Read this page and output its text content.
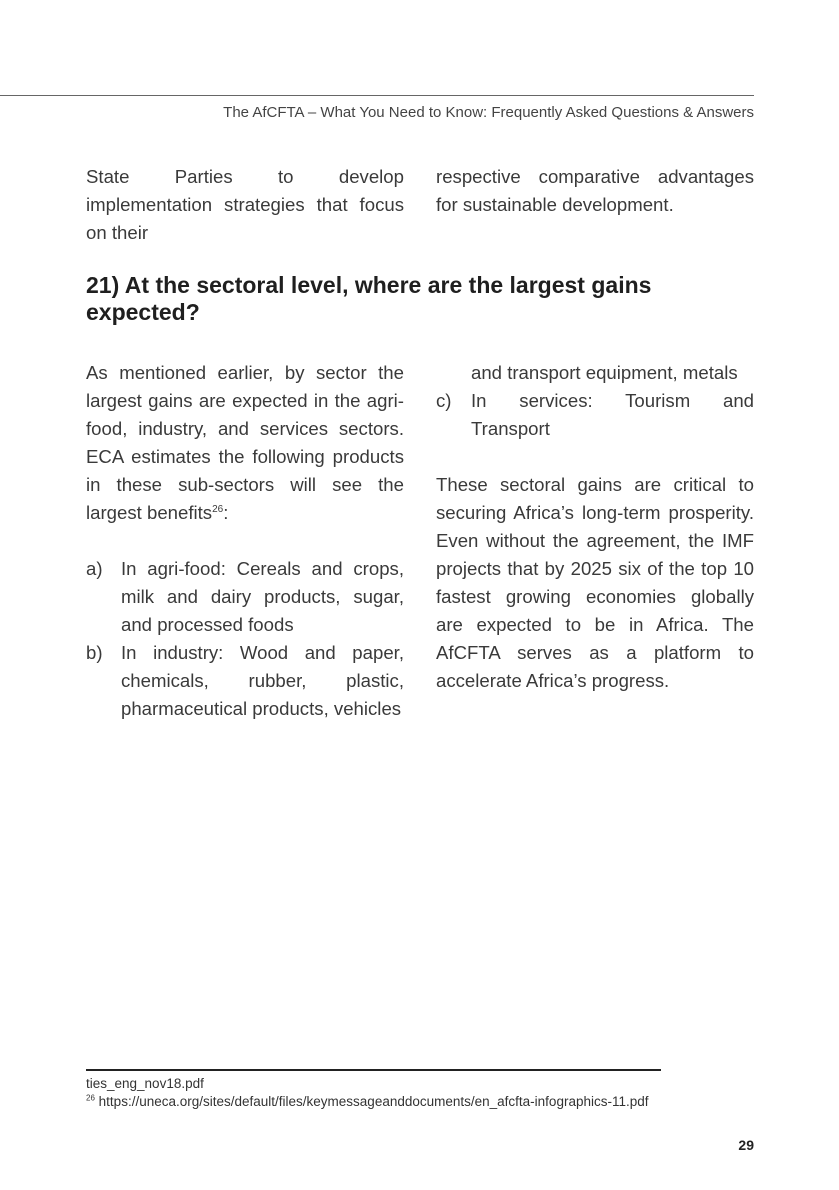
The AfCFTA – What You Need to Know: Frequently Asked Questions & Answers

State Parties to develop implementation strategies that focus on their

respective comparative advantages for sustainable development.

21) At the sectoral level, where are the largest gains expected?

As mentioned earlier, by sector the largest gains are expected in the agri-food, industry, and services sectors. ECA estimates the following products in these sub-sectors will see the largest benefits$^{26}$:

a) In agri-food: Cereals and crops, milk and dairy products, sugar, and processed foods
b) In industry: Wood and paper, chemicals, rubber, plastic, pharmaceutical products, vehicles
and transport equipment, metals
c) In services: Tourism and Transport

These sectoral gains are critical to securing Africa’s long-term prosperity. Even without the agreement, the IMF projects that by 2025 six of the top 10 fastest growing economies globally are expected to be in Africa. The AfCFTA serves as a platform to accelerate Africa’s progress.

ties_eng_nov18.pdf
$^{26}$ https://uneca.org/sites/default/files/keymessageanddocuments/en_afcfta-infographics-11.pdf
29
